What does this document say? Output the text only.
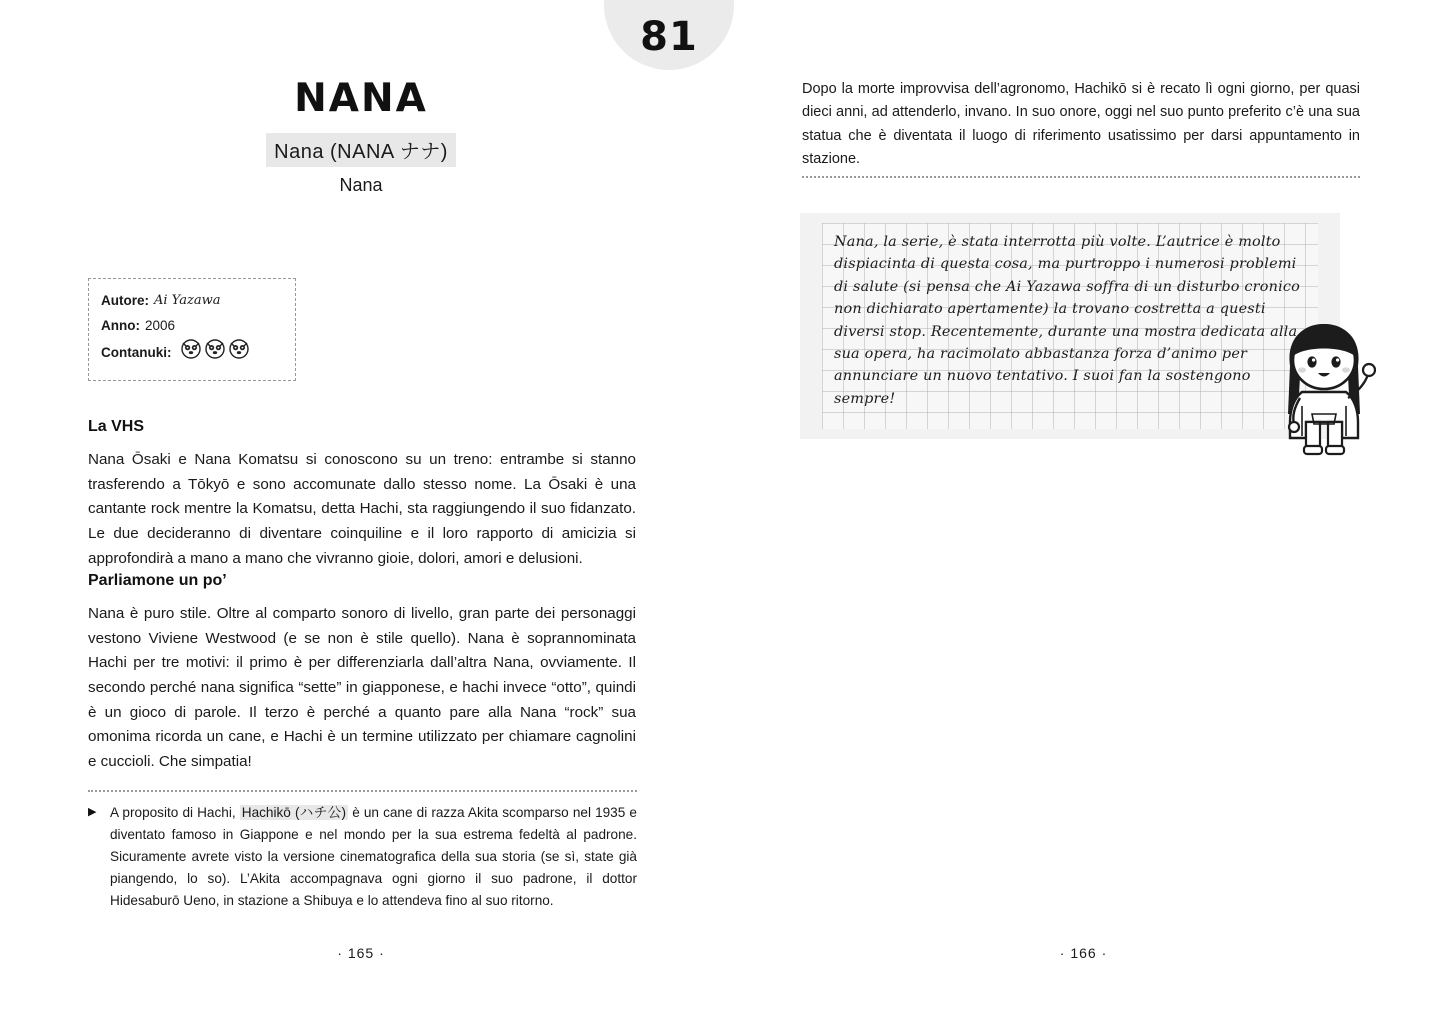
81
NANA
Nana (NANA ナナ)
Nana
Autore: Ai Yazawa
Anno: 2006
Contanuki:
La VHS

Nana Ōsaki e Nana Komatsu si conoscono su un treno: entrambe si stanno trasferendo a Tōkyō e sono accomunate dallo stesso nome. La Ōsaki è una cantante rock mentre la Komatsu, detta Hachi, sta raggiungendo il suo fidanzato. Le due decideranno di diventare coinquiline e il loro rapporto di amicizia si approfondirà a mano a mano che vivranno gioie, dolori, amori e delusioni.

Parliamone un po’

Nana è puro stile. Oltre al comparto sonoro di livello, gran parte dei personaggi vestono Viviene Westwood (e se non è stile quello). Nana è soprannominata Hachi per tre motivi: il primo è per differenziarla dall’altra Nana, ovviamente. Il secondo perché nana significa “sette” in giapponese, e hachi invece “otto”, quindi è un gioco di parole. Il terzo è perché a quanto pare alla Nana “rock” sua omonima ricorda un cane, e Hachi è un termine utilizzato per chiamare cagnolini e cuccioli. Che simpatia!

▶ A proposito di Hachi, Hachikō (ハチ公) è un cane di razza Akita scomparso nel 1935 e diventato famoso in Giappone e nel mondo per la sua estrema fedeltà al padrone. Sicuramente avrete visto la versione cinematografica della sua storia (se sì, state già piangendo, lo so). L’Akita accompagnava ogni giorno il suo padrone, il dottor Hidesaburō Ueno, in stazione a Shibuya e lo attendeva fino al suo ritorno.
· 165 ·
Dopo la morte improvvisa dell’agronomo, Hachikō si è recato lì ogni giorno, per quasi dieci anni, ad attenderlo, invano. In suo onore, oggi nel suo punto preferito c’è una sua statua che è diventata il luogo di riferimento usatissimo per darsi appuntamento in stazione.
Nana, la serie, è stata interrotta più volte. L’autrice è molto dispiacinta di questa cosa, ma purtroppo i numerosi problemi di salute (si pensa che Ai Yazawa soffra di un disturbo cronico non dichiarato apertamente) la trovano costretta a questi diversi stop. Recentemente, durante una mostra dedicata alla sua opera, ha racimolato abbastanza forza d’animo per annunciare un nuovo tentativo. I suoi fan la sostengono sempre!
· 166 ·
